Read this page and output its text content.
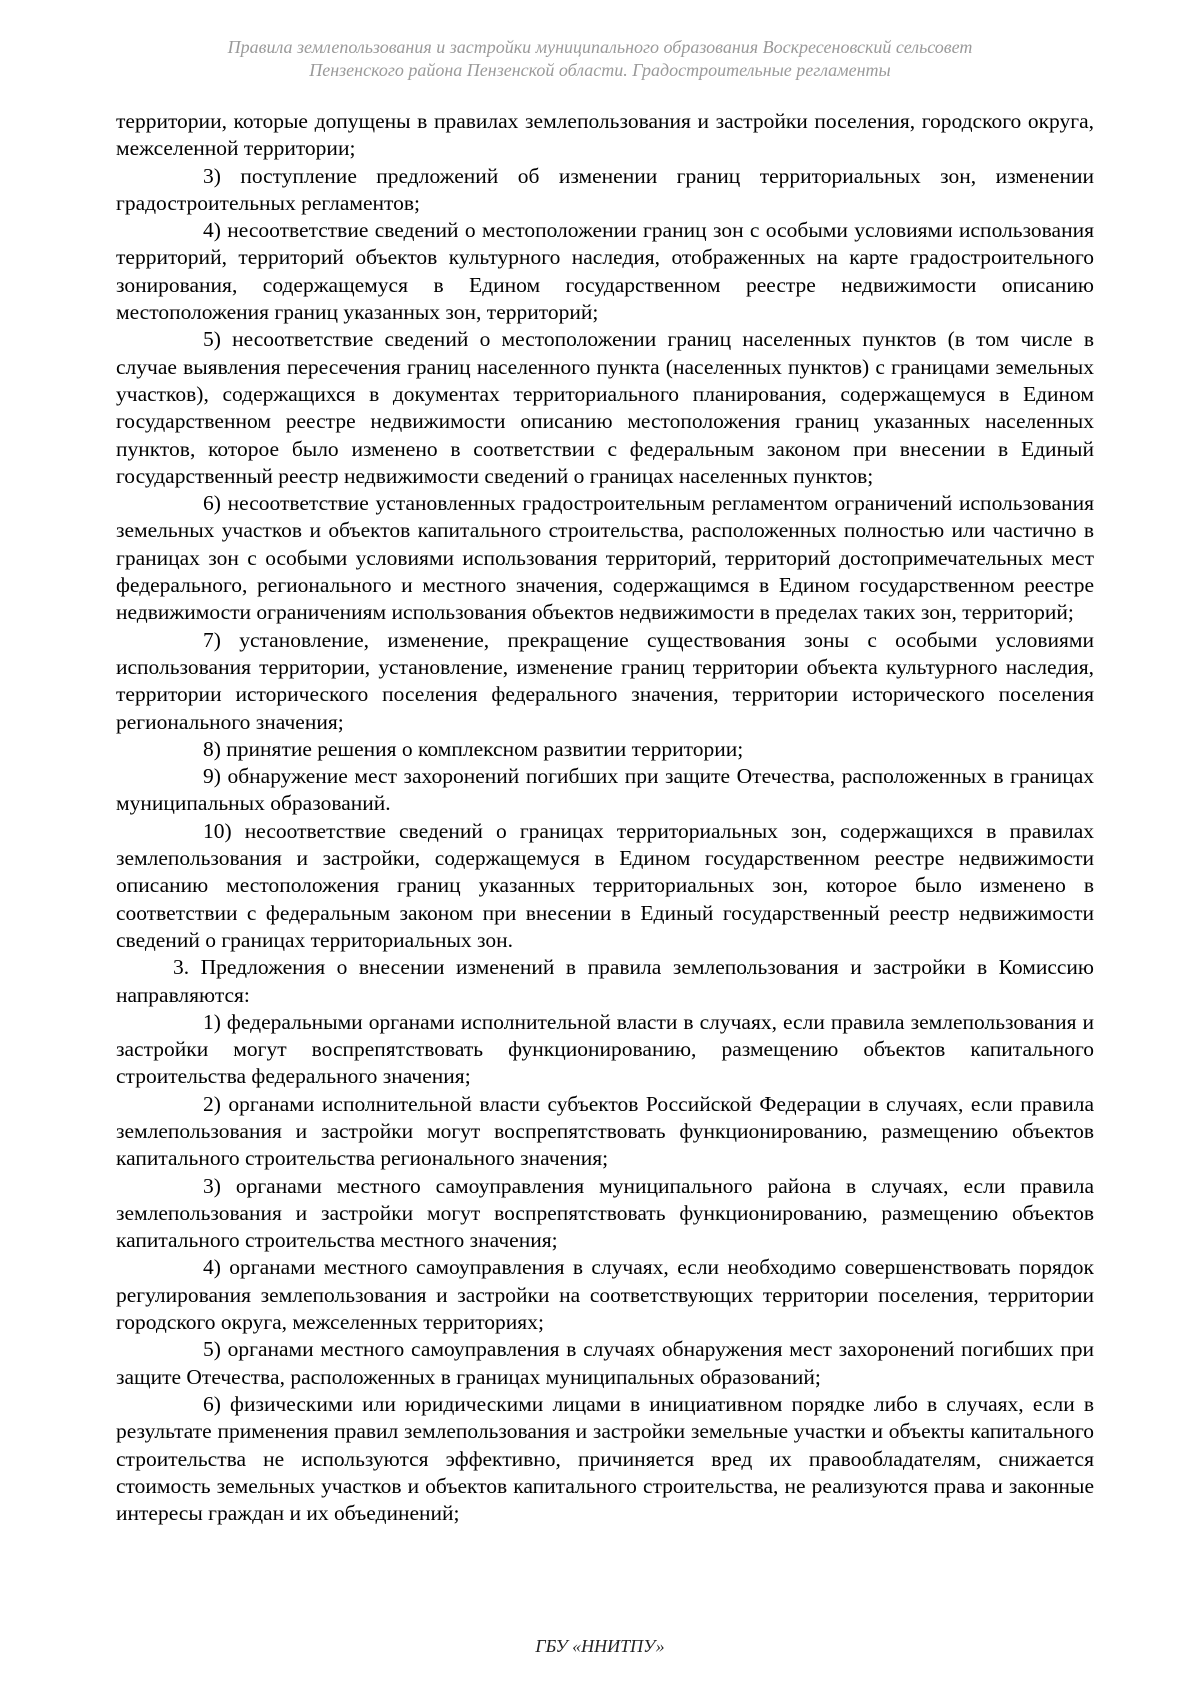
Правила землепользования и застройки муниципального образования Воскресеновский сельсовет
Пензенского района Пензенской области. Градостроительные регламенты

территории, которые допущены в правилах землепользования и застройки поселения, городского округа, межселенной территории;

3) поступление предложений об изменении границ территориальных зон, изменении градостроительных регламентов;

4) несоответствие сведений о местоположении границ зон с особыми условиями использования территорий, территорий объектов культурного наследия, отображенных на карте градостроительного зонирования, содержащемуся в Едином государственном реестре недвижимости описанию местоположения границ указанных зон, территорий;

5) несоответствие сведений о местоположении границ населенных пунктов (в том числе в случае выявления пересечения границ населенного пункта (населенных пунктов) с границами земельных участков), содержащихся в документах территориального планирования, содержащемуся в Едином государственном реестре недвижимости описанию местоположения границ указанных населенных пунктов, которое было изменено в соответствии с федеральным законом при внесении в Единый государственный реестр недвижимости сведений о границах населенных пунктов;

6) несоответствие установленных градостроительным регламентом ограничений использования земельных участков и объектов капитального строительства, расположенных полностью или частично в границах зон с особыми условиями использования территорий, территорий достопримечательных мест федерального, регионального и местного значения, содержащимся в Едином государственном реестре недвижимости ограничениям использования объектов недвижимости в пределах таких зон, территорий;

7) установление, изменение, прекращение существования зоны с особыми условиями использования территории, установление, изменение границ территории объекта культурного наследия, территории исторического поселения федерального значения, территории исторического поселения регионального значения;

8) принятие решения о комплексном развитии территории;

9) обнаружение мест захоронений погибших при защите Отечества, расположенных в границах муниципальных образований.

10) несоответствие сведений о границах территориальных зон, содержащихся в правилах землепользования и застройки, содержащемуся в Едином государственном реестре недвижимости описанию местоположения границ указанных территориальных зон, которое было изменено в соответствии с федеральным законом при внесении в Единый государственный реестр недвижимости сведений о границах территориальных зон.

3. Предложения о внесении изменений в правила землепользования и застройки в Комиссию направляются:

1) федеральными органами исполнительной власти в случаях, если правила землепользования и застройки могут воспрепятствовать функционированию, размещению объектов капитального строительства федерального значения;

2) органами исполнительной власти субъектов Российской Федерации в случаях, если правила землепользования и застройки могут воспрепятствовать функционированию, размещению объектов капитального строительства регионального значения;

3) органами местного самоуправления муниципального района в случаях, если правила землепользования и застройки могут воспрепятствовать функционированию, размещению объектов капитального строительства местного значения;

4) органами местного самоуправления в случаях, если необходимо совершенствовать порядок регулирования землепользования и застройки на соответствующих территории поселения, территории городского округа, межселенных территориях;

5) органами местного самоуправления в случаях обнаружения мест захоронений погибших при защите Отечества, расположенных в границах муниципальных образований;

6) физическими или юридическими лицами в инициативном порядке либо в случаях, если в результате применения правил землепользования и застройки земельные участки и объекты капитального строительства не используются эффективно, причиняется вред их правообладателям, снижается стоимость земельных участков и объектов капитального строительства, не реализуются права и законные интересы граждан и их объединений;

ГБУ «ННИТПУ»
